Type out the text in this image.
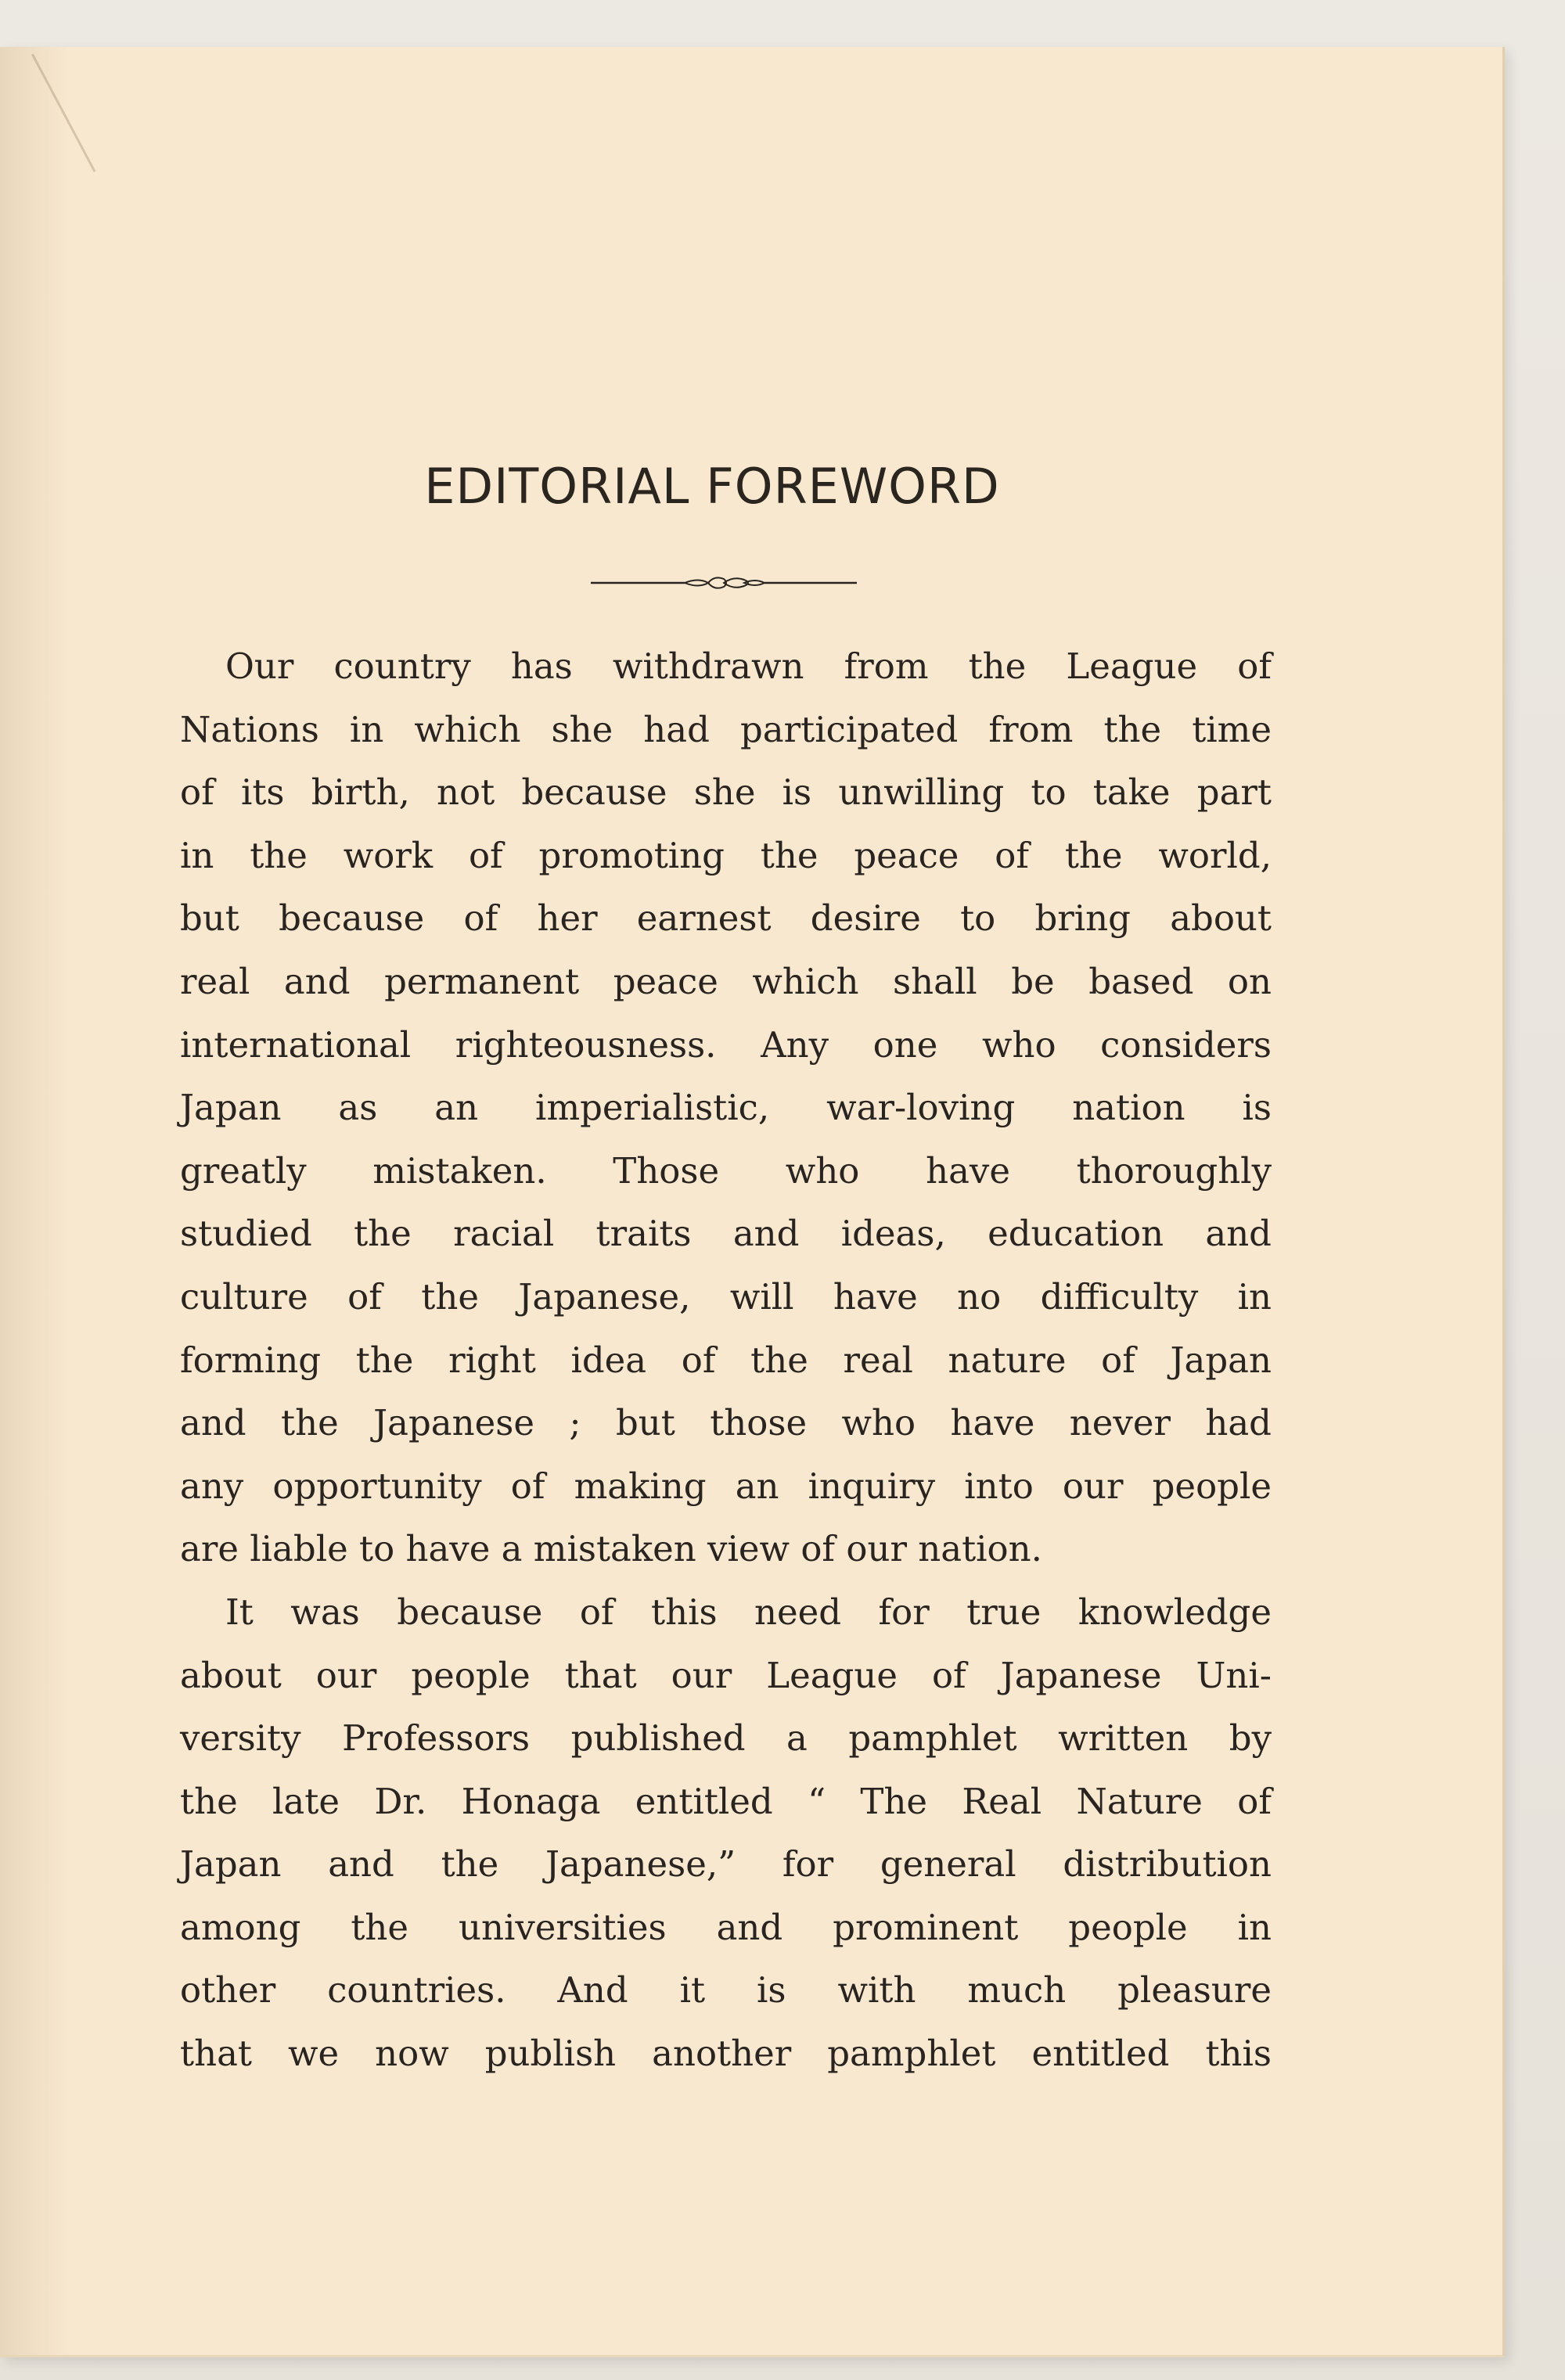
EDITORIAL FOREWORD
Our country has withdrawn from the League of
Nations in which she had participated from the time
of its birth, not because she is unwilling to take part
in the work of promoting the peace of the world,
but because of her earnest desire to bring about
real and permanent peace which shall be based on
international righteousness. Any one who considers
Japan as an imperialistic, war-loving nation is
greatly mistaken. Those who have thoroughly
studied the racial traits and ideas, education and
culture of the Japanese, will have no difficulty in
forming the right idea of the real nature of Japan
and the Japanese ; but those who have never had
any opportunity of making an inquiry into our people
are liable to have a mistaken view of our nation.
It was because of this need for true knowledge
about our people that our League of Japanese Uni-
versity Professors published a pamphlet written by
the late Dr. Honaga entitled “ The Real Nature of
Japan and the Japanese,” for general distribution
among the universities and prominent people in
other countries. And it is with much pleasure
that we now publish another pamphlet entitled this
